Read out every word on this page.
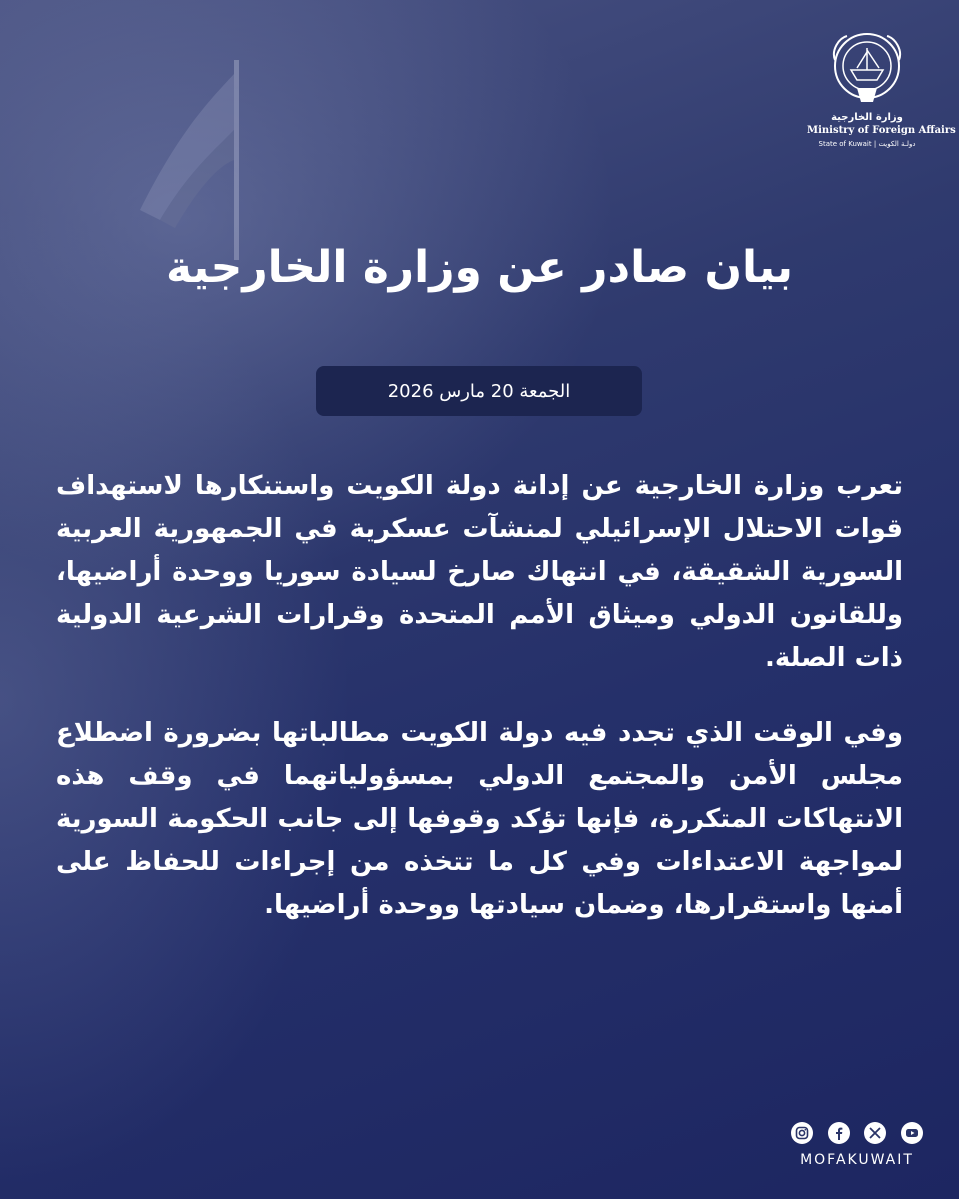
وزارة الخارجية
Ministry of Foreign Affairs
State of Kuwait | دولـة الكويت
بيان صادر عن وزارة الخارجية
الجمعة 20 مارس 2026
تعرب وزارة الخارجية عن إدانة دولة الكويت واستنكارها لاستهداف قوات الاحتلال الإسرائيلي لمنشآت عسكرية في الجمهورية العربية السورية الشقيقة، في انتهاك صارخ لسيادة سوريا ووحدة أراضيها، وللقانون الدولي وميثاق الأمم المتحدة وقرارات الشرعية الدولية ذات الصلة.
وفي الوقت الذي تجدد فيه دولة الكويت مطالباتها بضرورة اضطلاع مجلس الأمن والمجتمع الدولي بمسؤولياتهما في وقف هذه الانتهاكات المتكررة، فإنها تؤكد وقوفها إلى جانب الحكومة السورية لمواجهة الاعتداءات وفي كل ما تتخذه من إجراءات للحفاظ على أمنها واستقرارها، وضمان سيادتها ووحدة أراضيها.
MOFAKUWAIT
